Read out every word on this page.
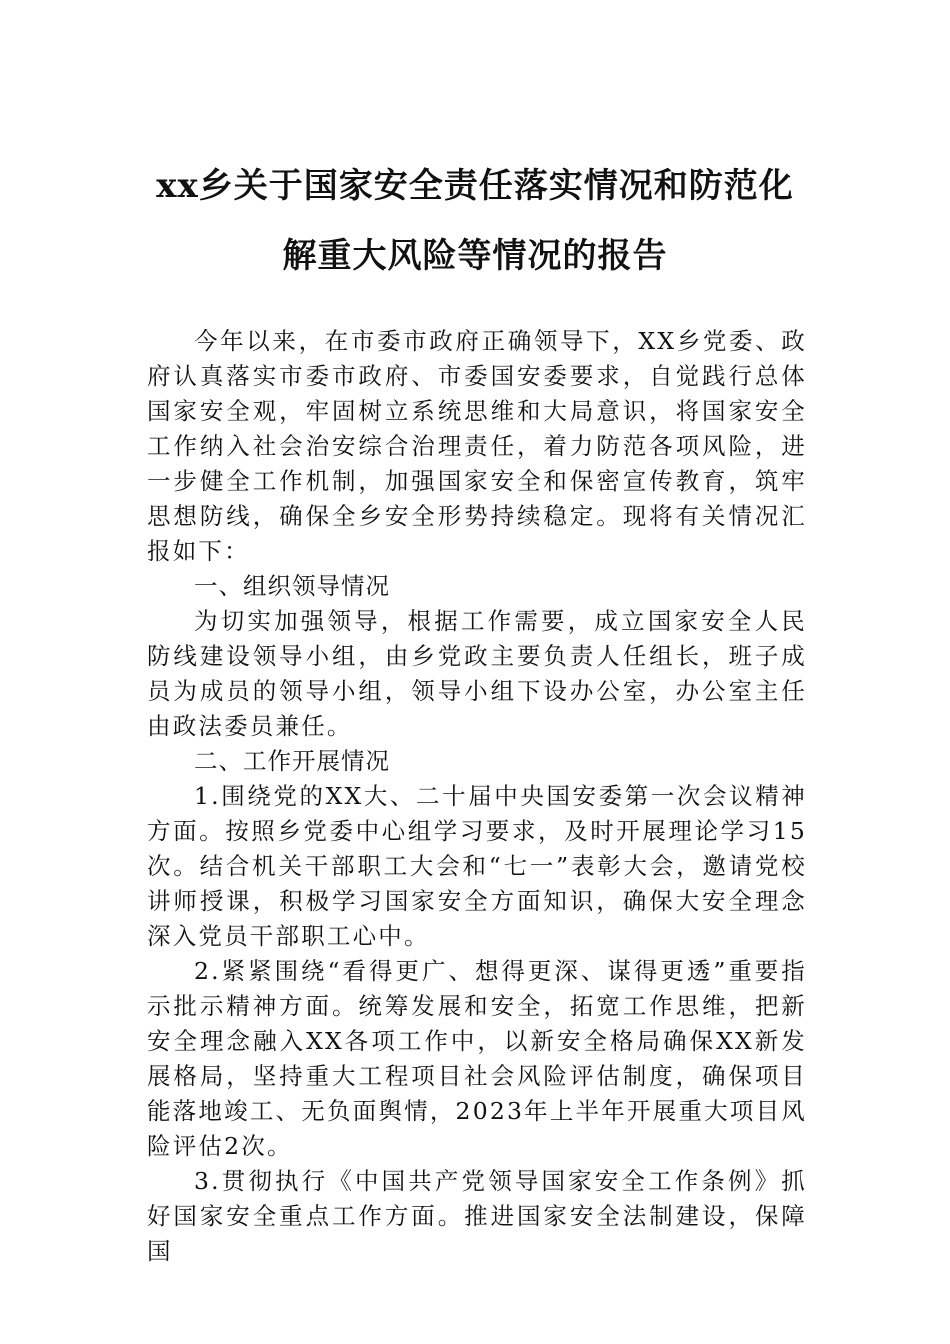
xx乡关于国家安全责任落实情况和防范化
解重大风险等情况的报告

今年以来，在市委市政府正确领导下，XX乡党委、政府认真落实市委市政府、市委国安委要求，自觉践行总体国家安全观，牢固树立系统思维和大局意识，将国家安全工作纳入社会治安综合治理责任，着力防范各项风险，进一步健全工作机制，加强国家安全和保密宣传教育，筑牢思想防线，确保全乡安全形势持续稳定。现将有关情况汇报如下：

一、组织领导情况

为切实加强领导，根据工作需要，成立国家安全人民防线建设领导小组，由乡党政主要负责人任组长，班子成员为成员的领导小组，领导小组下设办公室，办公室主任由政法委员兼任。

二、工作开展情况

1.围绕党的XX大、二十届中央国安委第一次会议精神方面。按照乡党委中心组学习要求，及时开展理论学习15次。结合机关干部职工大会和“七一”表彰大会，邀请党校讲师授课，积极学习国家安全方面知识，确保大安全理念深入党员干部职工心中。

2.紧紧围绕“看得更广、想得更深、谋得更透”重要指示批示精神方面。统筹发展和安全，拓宽工作思维，把新安全理念融入XX各项工作中，以新安全格局确保XX新发展格局，坚持重大工程项目社会风险评估制度，确保项目能落地竣工、无负面舆情，2023年上半年开展重大项目风险评估2次。

3.贯彻执行《中国共产党领导国家安全工作条例》抓好国家安全重点工作方面。推进国家安全法制建设，保障国
